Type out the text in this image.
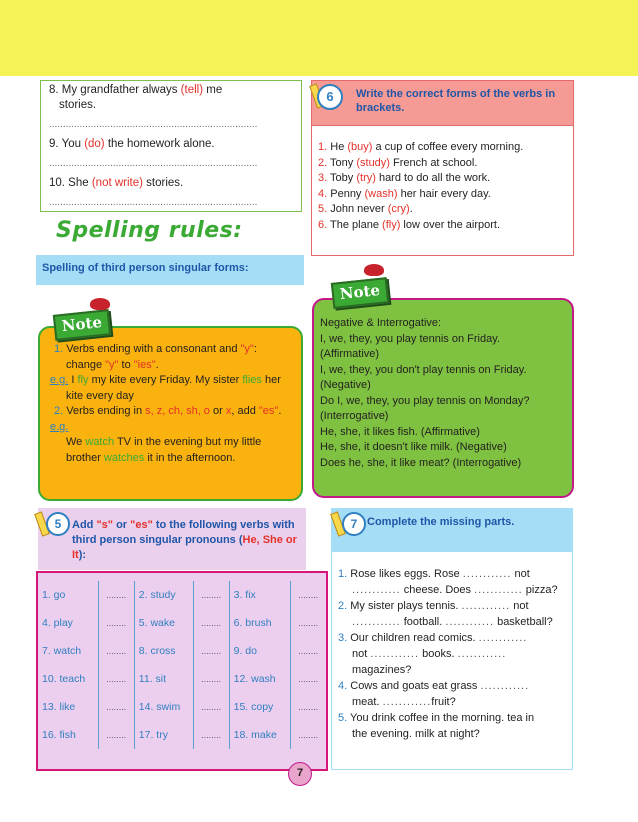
8. My grandfather always (tell) me
stories.
...........................................................................
9. You (do) the homework alone.
...........................................................................
10. She (not write) stories.
...........................................................................
Spelling rules:
Spelling of third person singular forms:
1. Verbs ending with a consonant and "y":
change "y" to "ies".
e.g. I fly my kite every Friday. My sister flies her
kite every day
2. Verbs ending in s, z, ch, sh, o or x, add "es".
e.g.
We watch TV in the evening but my little
brother watches it in the afternoon.
Note	Negative & Interrogative:
I, we, they, you play tennis on Friday.
(Affirmative)
I, we, they, you don't play tennis on Friday.
(Negative)
Do I, we, they, you play tennis on Monday?
(Interrogative)
He, she, it likes fish. (Affirmative)
He, she, it doesn't like milk. (Negative)
Does he, she, it like meat? (Interrogative)
Note
Write the correct forms of the verbs in brackets.
6
1. He (buy) a cup of coffee every morning.
2. Tony (study) French at school.
3. Toby (try) hard to do all the work.
4. Penny (wash) her hair every day.
5. John never (cry).
6. The plane (fly) low over the airport.
Add "s" or "es" to the following verbs with third person singular pronouns (He, She or It):
5
1. go	........	2. study	........	3. fix	........
4. play	........	5. wake	........	6. brush	........
7. watch	........	8. cross	........	9. do	........
10. teach	........	11. sit	........	12. wash	........
13. like	........	14. swim	........	15. copy	........
16. fish	........	17. try	........	18. make	........
Complete the missing parts.
7
1. Rose likes eggs. Rose ............ not
............ cheese. Does ............ pizza?
2. My sister plays tennis. ............ not
............ football. ............ basketball?
3. Our children read comics. ............
not ............ books. ............
magazines?
4. Cows and goats eat grass ............
meat. ............fruit?
5. You drink coffee in the morning. tea in
the evening. milk at night?
7
